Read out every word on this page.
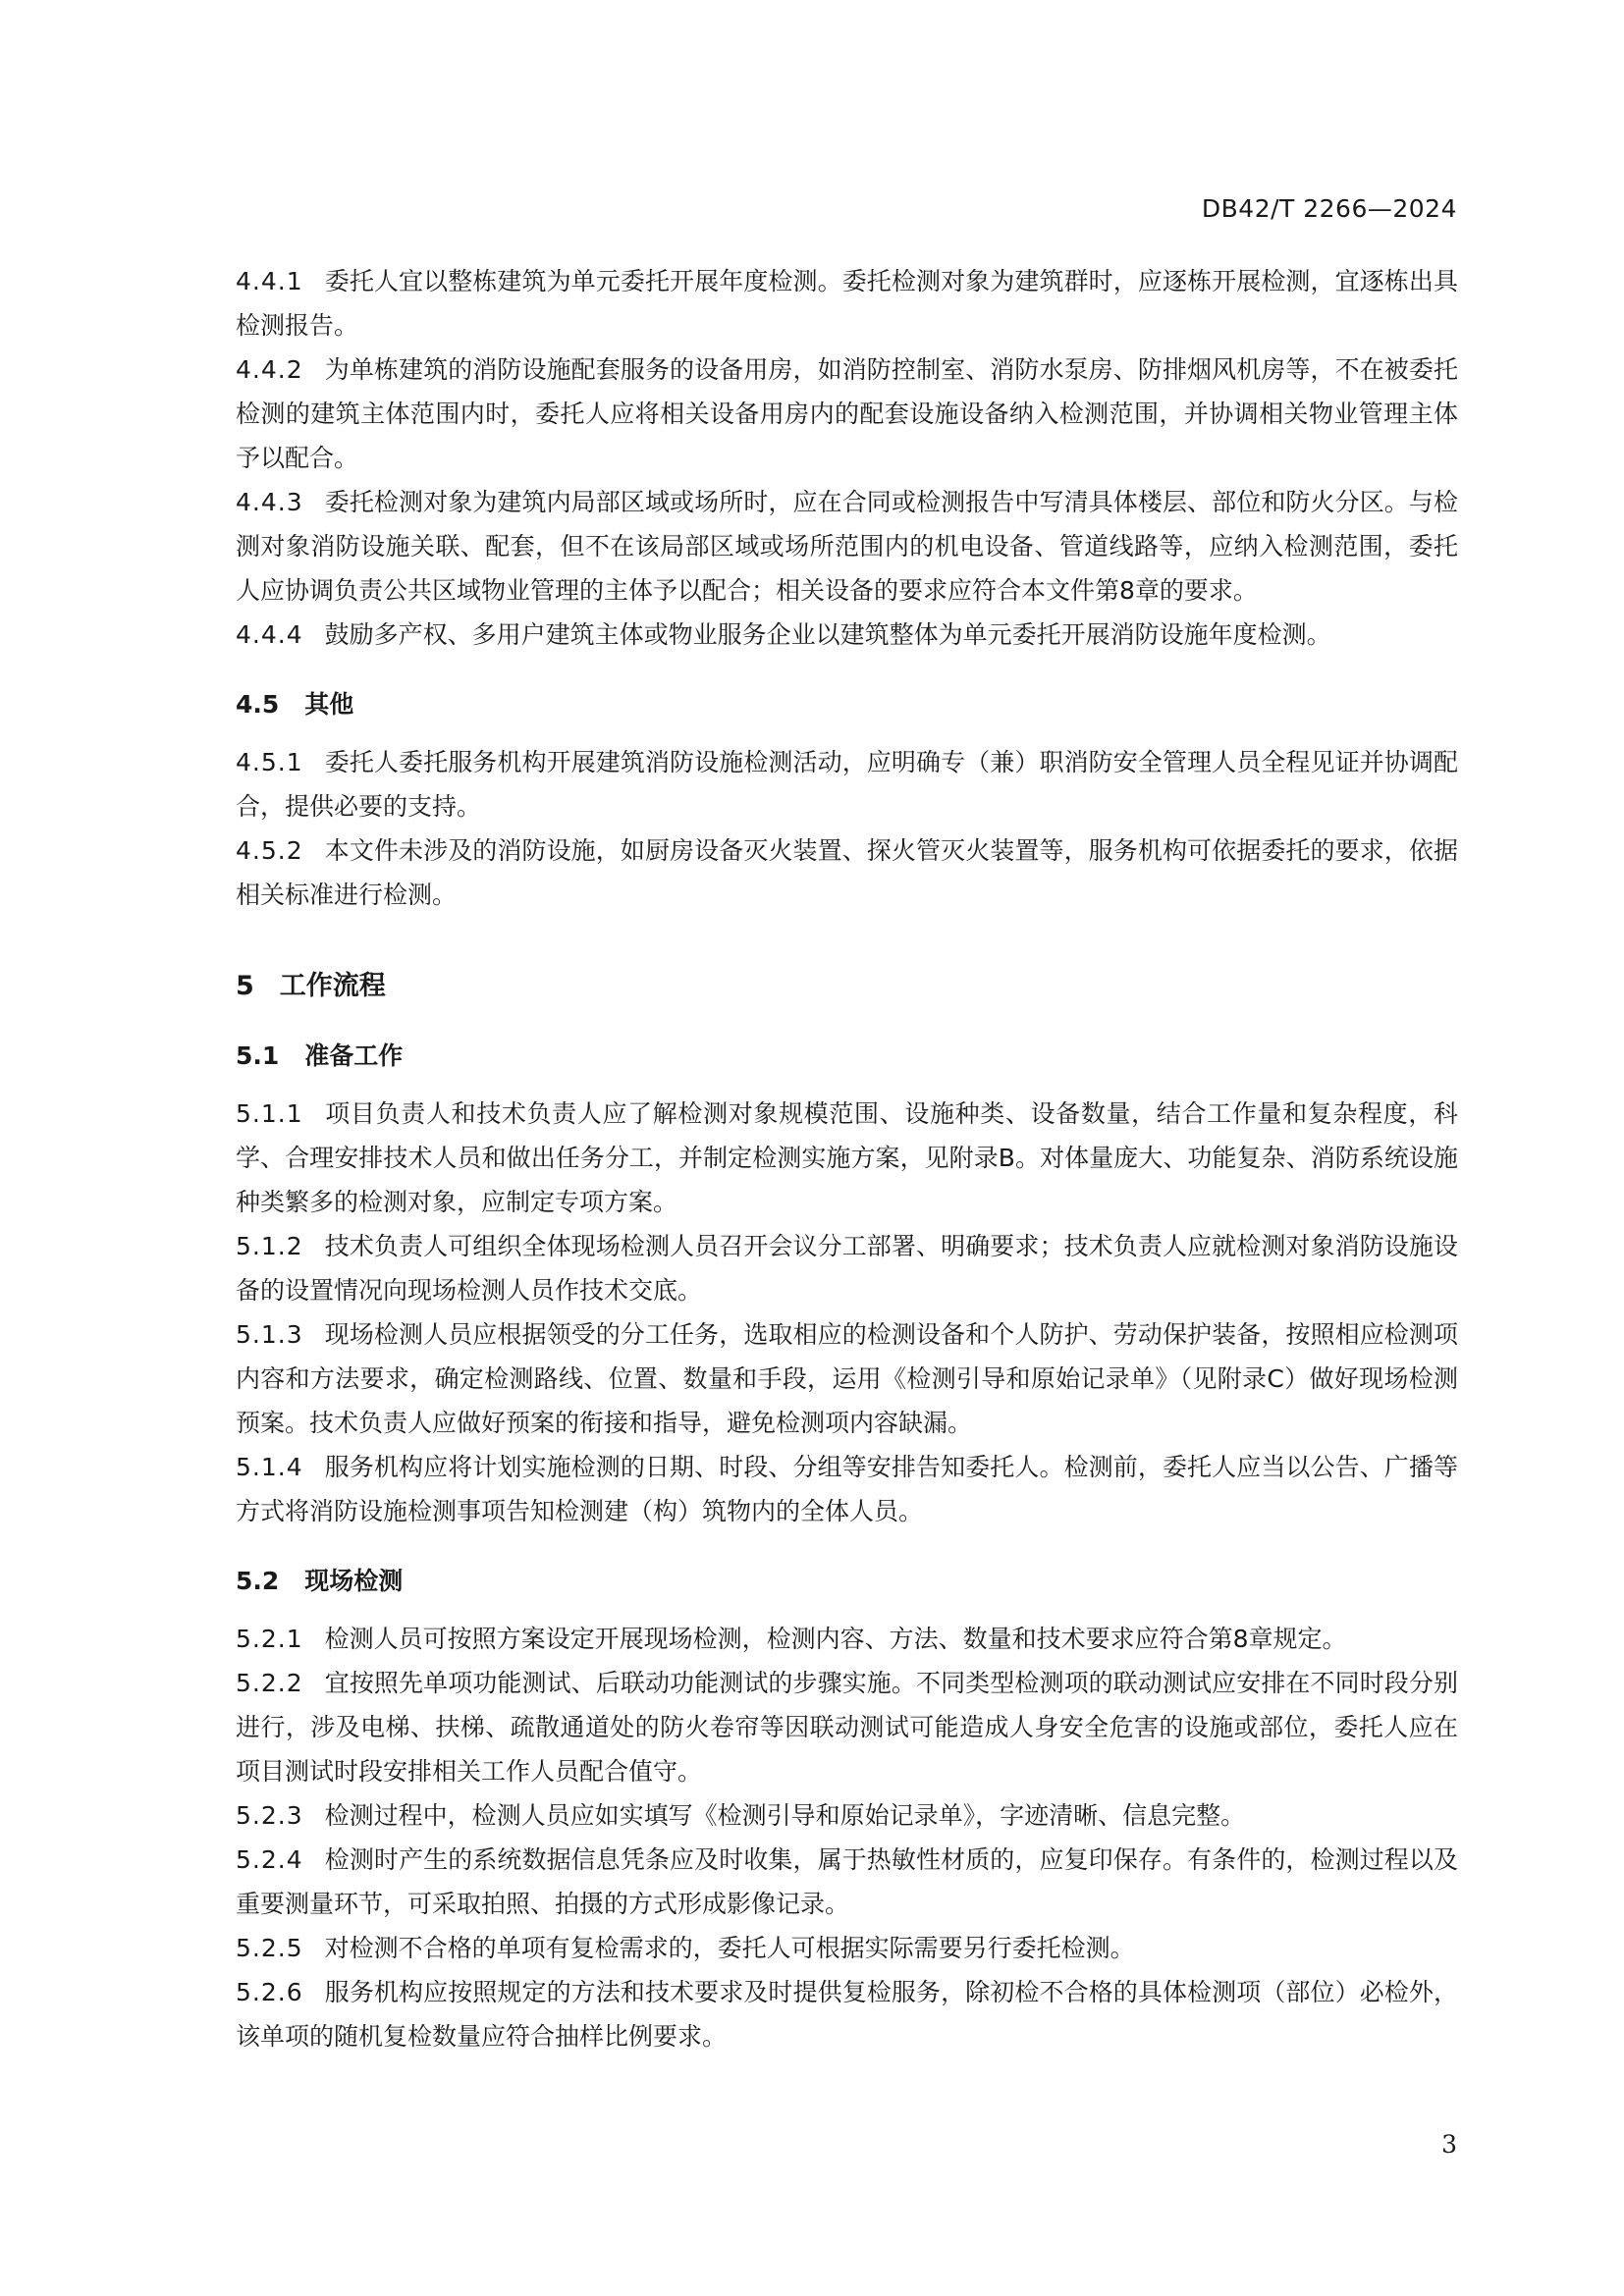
DB42/T 2266—2024

4.4.1 委托人宜以整栋建筑为单元委托开展年度检测。委托检测对象为建筑群时，应逐栋开展检测，宜逐栋出具检测报告。

4.4.2 为单栋建筑的消防设施配套服务的设备用房，如消防控制室、消防水泵房、防排烟风机房等，不在被委托检测的建筑主体范围内时，委托人应将相关设备用房内的配套设施设备纳入检测范围，并协调相关物业管理主体予以配合。

4.4.3 委托检测对象为建筑内局部区域或场所时，应在合同或检测报告中写清具体楼层、部位和防火分区。与检测对象消防设施关联、配套，但不在该局部区域或场所范围内的机电设备、管道线路等，应纳入检测范围，委托人应协调负责公共区域物业管理的主体予以配合；相关设备的要求应符合本文件第8章的要求。

4.4.4 鼓励多产权、多用户建筑主体或物业服务企业以建筑整体为单元委托开展消防设施年度检测。

4.5 其他

4.5.1 委托人委托服务机构开展建筑消防设施检测活动，应明确专（兼）职消防安全管理人员全程见证并协调配合，提供必要的支持。

4.5.2 本文件未涉及的消防设施，如厨房设备灭火装置、探火管灭火装置等，服务机构可依据委托的要求，依据相关标准进行检测。

5 工作流程
5.1 准备工作

5.1.1 项目负责人和技术负责人应了解检测对象规模范围、设施种类、设备数量，结合工作量和复杂程度，科学、合理安排技术人员和做出任务分工，并制定检测实施方案，见附录B。对体量庞大、功能复杂、消防系统设施种类繁多的检测对象，应制定专项方案。

5.1.2 技术负责人可组织全体现场检测人员召开会议分工部署、明确要求；技术负责人应就检测对象消防设施设备的设置情况向现场检测人员作技术交底。

5.1.3 现场检测人员应根据领受的分工任务，选取相应的检测设备和个人防护、劳动保护装备，按照相应检测项内容和方法要求，确定检测路线、位置、数量和手段，运用《检测引导和原始记录单》（见附录C）做好现场检测预案。技术负责人应做好预案的衔接和指导，避免检测项内容缺漏。

5.1.4 服务机构应将计划实施检测的日期、时段、分组等安排告知委托人。检测前，委托人应当以公告、广播等方式将消防设施检测事项告知检测建（构）筑物内的全体人员。

5.2 现场检测

5.2.1 检测人员可按照方案设定开展现场检测，检测内容、方法、数量和技术要求应符合第8章规定。

5.2.2 宜按照先单项功能测试、后联动功能测试的步骤实施。不同类型检测项的联动测试应安排在不同时段分别进行，涉及电梯、扶梯、疏散通道处的防火卷帘等因联动测试可能造成人身安全危害的设施或部位，委托人应在项目测试时段安排相关工作人员配合值守。

5.2.3 检测过程中，检测人员应如实填写《检测引导和原始记录单》，字迹清晰、信息完整。

5.2.4 检测时产生的系统数据信息凭条应及时收集，属于热敏性材质的，应复印保存。有条件的，检测过程以及重要测量环节，可采取拍照、拍摄的方式形成影像记录。

5.2.5 对检测不合格的单项有复检需求的，委托人可根据实际需要另行委托检测。

5.2.6 服务机构应按照规定的方法和技术要求及时提供复检服务，除初检不合格的具体检测项（部位）必检外，该单项的随机复检数量应符合抽样比例要求。

3
